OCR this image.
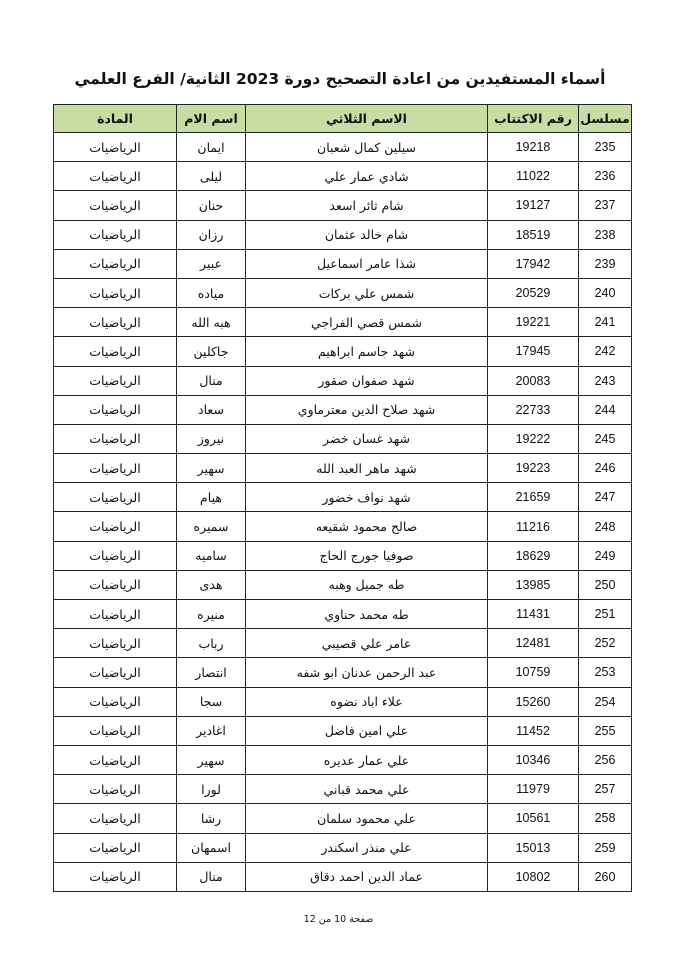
أسماء المستفيدين من اعادة التصحيح دورة 2023 الثانية/ الفرع العلمي
مسلسل	رقم الاكتتاب	الاسم الثلاثي	اسم الام	المادة
235	19218	سيلين كمال شعبان	ايمان	الرياضيات
236	11022	شادي عمار علي	ليلى	الرياضيات
237	19127	شام ثائر اسعد	حنان	الرياضيات
238	18519	شام خالد عثمان	رزان	الرياضيات
239	17942	شذا عامر اسماعيل	عبير	الرياضيات
240	20529	شمس علي بركات	مياده	الرياضيات
241	19221	شمس قصي الفراجي	هبه الله	الرياضيات
242	17945	شهد جاسم ابراهيم	جاكلين	الرياضيات
243	20083	شهد صفوان صقور	منال	الرياضيات
244	22733	شهد صلاح الدين معترماوي	سعاد	الرياضيات
245	19222	شهد غسان خضر	نيروز	الرياضيات
246	19223	شهد ماهر العبد الله	سهير	الرياضيات
247	21659	شهد نواف خضور	هيام	الرياضيات
248	11216	صالح محمود شقيعه	سميره	الرياضيات
249	18629	صوفيا جورج الحاج	ساميه	الرياضيات
250	13985	طه جميل وهبه	هدى	الرياضيات
251	11431	طه محمد حناوي	منيره	الرياضيات
252	12481	عامر علي قصيبي	رباب	الرياضيات
253	10759	عبد الرحمن عدنان ابو شفه	انتصار	الرياضيات
254	15260	علاء اباد نضوه	سجا	الرياضيات
255	11452	علي امين فاضل	اغادير	الرياضيات
256	10346	علي عمار عديره	سهير	الرياضيات
257	11979	علي محمد قباني	لورا	الرياضيات
258	10561	علي محمود سلمان	رشا	الرياضيات
259	15013	علي منذر اسكندر	اسمهان	الرياضيات
260	10802	عماد الدين احمد دقاق	منال	الرياضيات
صفحة 10 من 12
